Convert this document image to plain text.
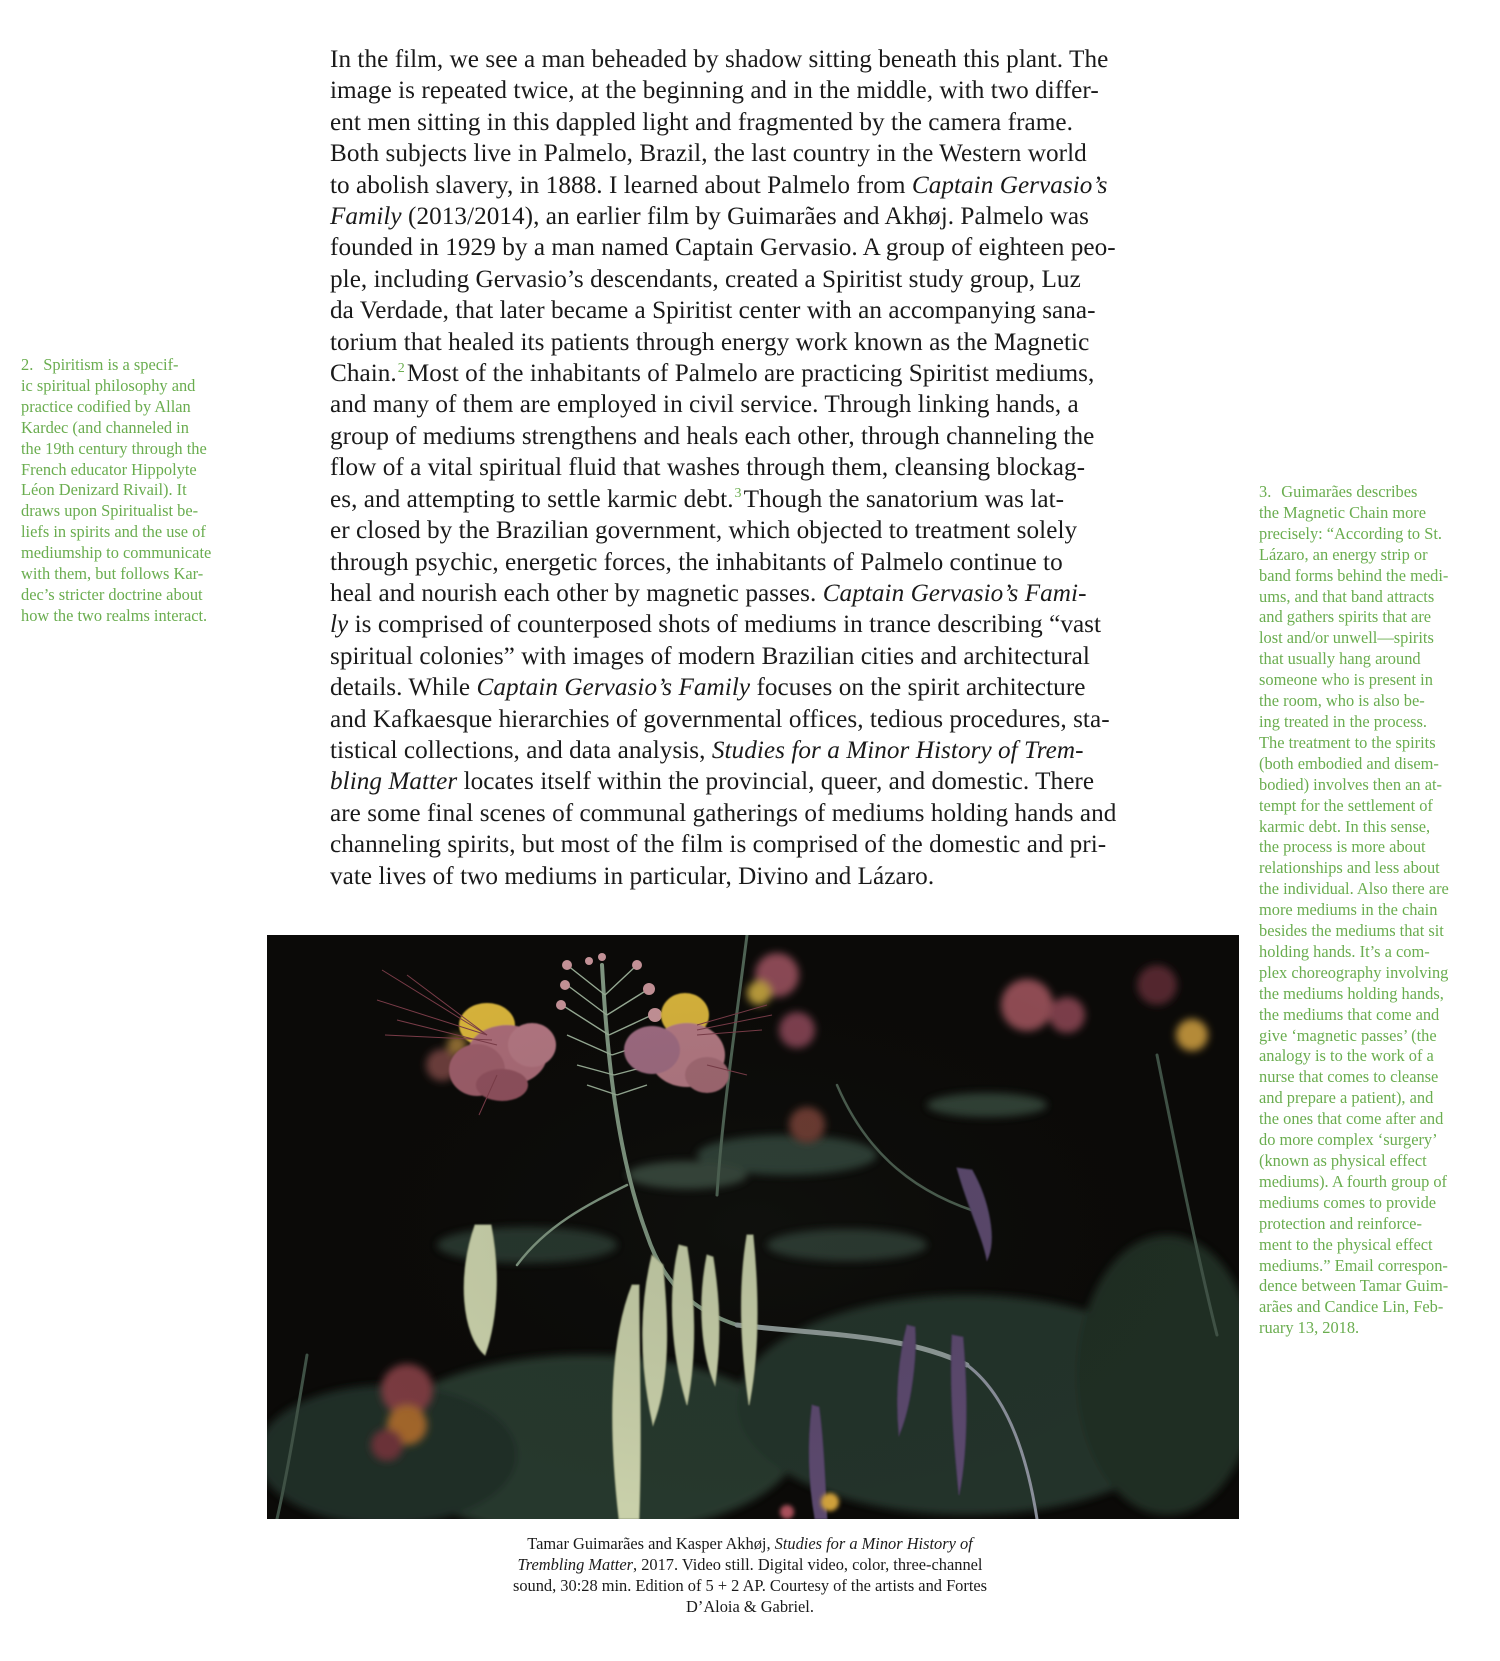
In the film, we see a man beheaded by shadow sitting beneath this plant. The
image is repeated twice, at the beginning and in the middle, with two differ-
ent men sitting in this dappled light and fragmented by the camera frame.
Both subjects live in Palmelo, Brazil, the last country in the Western world
to abolish slavery, in 1888. I learned about Palmelo from Captain Gervasio’s
Family (2013/2014), an earlier film by Guimarães and Akhøj. Palmelo was
founded in 1929 by a man named Captain Gervasio. A group of eighteen peo-
ple, including Gervasio’s descendants, created a Spiritist study group, Luz
da Verdade, that later became a Spiritist center with an accompanying sana-
torium that healed its patients through energy work known as the Magnetic
Chain.$^2$Most of the inhabitants of Palmelo are practicing Spiritist mediums,
and many of them are employed in civil service. Through linking hands, a
group of mediums strengthens and heals each other, through channeling the
flow of a vital spiritual fluid that washes through them, cleansing blockag-
es, and attempting to settle karmic debt.$^3$Though the sanatorium was lat-
er closed by the Brazilian government, which objected to treatment solely
through psychic, energetic forces, the inhabitants of Palmelo continue to
heal and nourish each other by magnetic passes. Captain Gervasio’s Fami-
ly is comprised of counterposed shots of mediums in trance describing “vast
spiritual colonies” with images of modern Brazilian cities and architectural
details. While Captain Gervasio’s Family focuses on the spirit architecture
and Kafkaesque hierarchies of governmental offices, tedious procedures, sta-
tistical collections, and data analysis, Studies for a Minor History of Trem-
bling Matter locates itself within the provincial, queer, and domestic. There
are some final scenes of communal gatherings of mediums holding hands and
channeling spirits, but most of the film is comprised of the domestic and pri-
vate lives of two mediums in particular, Divino and Lázaro.
2. Spiritism is a specif-
ic spiritual philosophy and
practice codified by Allan
Kardec (and channeled in
the 19th century through the
French educator Hippolyte
Léon Denizard Rivail). It
draws upon Spiritualist be-
liefs in spirits and the use of
mediumship to communicate
with them, but follows Kar-
dec’s stricter doctrine about
how the two realms interact.
3. Guimarães describes
the Magnetic Chain more
precisely: “According to St.
Lázaro, an energy strip or
band forms behind the medi-
ums, and that band attracts
and gathers spirits that are
lost and/or unwell—spirits
that usually hang around
someone who is present in
the room, who is also be-
ing treated in the process.
The treatment to the spirits
(both embodied and disem-
bodied) involves then an at-
tempt for the settlement of
karmic debt. In this sense,
the process is more about
relationships and less about
the individual. Also there are
more mediums in the chain
besides the mediums that sit
holding hands. It’s a com-
plex choreography involving
the mediums holding hands,
the mediums that come and
give ‘magnetic passes’ (the
analogy is to the work of a
nurse that comes to cleanse
and prepare a patient), and
the ones that come after and
do more complex ‘surgery’
(known as physical effect
mediums). A fourth group of
mediums comes to provide
protection and reinforce-
ment to the physical effect
mediums.” Email correspon-
dence between Tamar Guim-
arães and Candice Lin, Feb-
ruary 13, 2018.
Tamar Guimarães and Kasper Akhøj, Studies for a Minor History of
Trembling Matter, 2017. Video still. Digital video, color, three-channel
sound, 30:28 min. Edition of 5 + 2 AP. Courtesy of the artists and Fortes
D’Aloia & Gabriel.
